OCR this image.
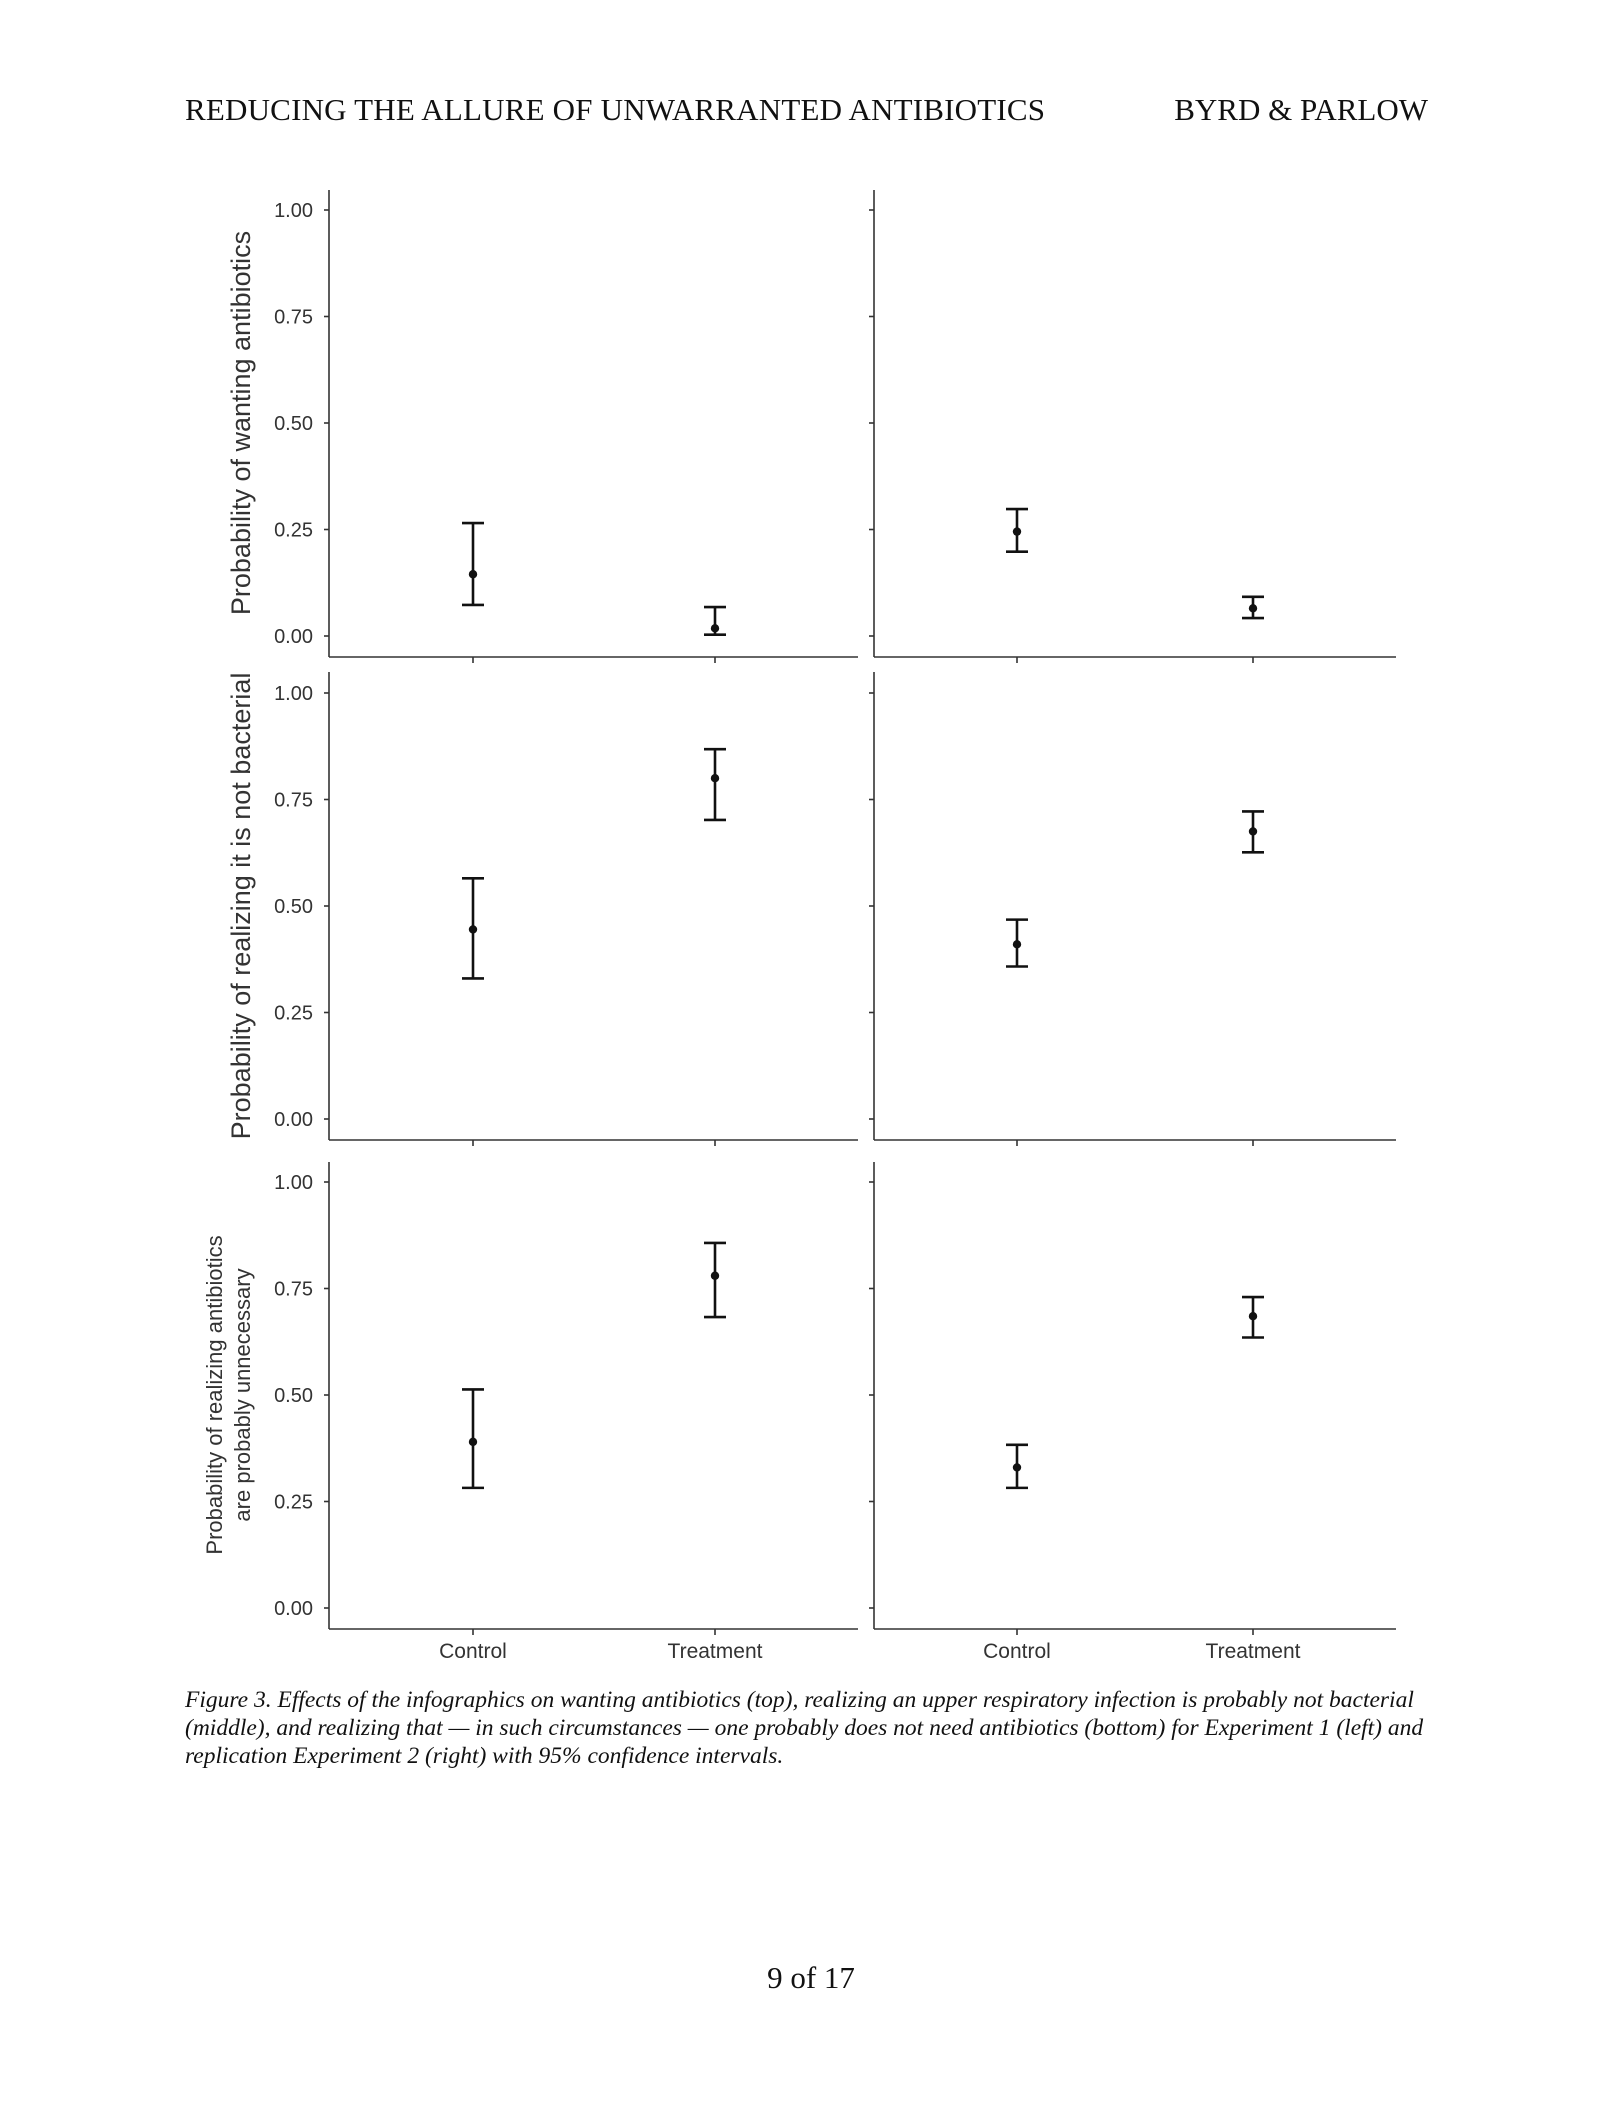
REDUCING THE ALLURE OF UNWARRANTED ANTIBIOTICS	BYRD & PARLOW
Probability of wanting antibiotics
0.00
0.25
0.50
0.75
1.00
Probability of realizing it is not bacterial 0.00
0.25
0.50
0.75
1.00
Probability of realizing antibiotics are probably unnecessary
0.00
0.25
0.50
0.75
1.00
Control	Treatment	Control	Treatment

Figure 3. Effects of the infographics on wanting antibiotics (top), realizing an upper respiratory infection is probably not bacterial (middle), and realizing that — in such circumstances — one probably does not need antibiotics (bottom) for Experiment 1 (left) and replication Experiment 2 (right) with 95% confidence intervals.

9 of 17
